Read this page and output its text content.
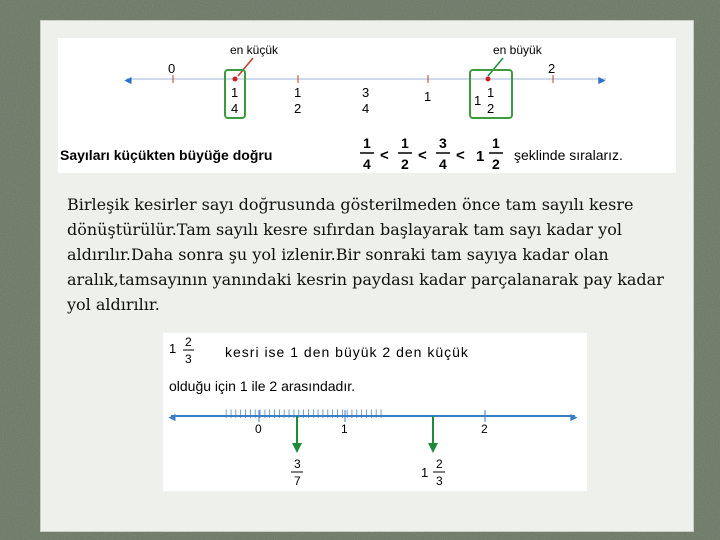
en küçük	en büyük
0	2
◄	►
1
4
1
2
3
4
1	1
1
2
Sayıları küçükten büyüğe doğru
1
4 <
1
2 <
3
4 < 1
1
2
şeklinde sıralarız.

Birleşik kesirler sayı doğrusunda gösterilmeden önce tam sayılı kesre dönüştürülür.Tam sayılı kesre sıfırdan başlayarak tam sayı kadar yol aldırılır.Daha sonra şu yol izlenir.Bir sonraki tam sayıya kadar olan aralık,tamsayının yanındaki kesrin paydası kadar parçalanarak pay kadar yol aldırılır.

1 2
3 kesri ise 1 den büyük 2 den küçük
olduğu için 1 ile 2 arasındadır.
◄	►
| | | | | | | | | | | | | | | | | | | | | | | | | | | | | | | | |
0	1	2
3
7
1
2
3
